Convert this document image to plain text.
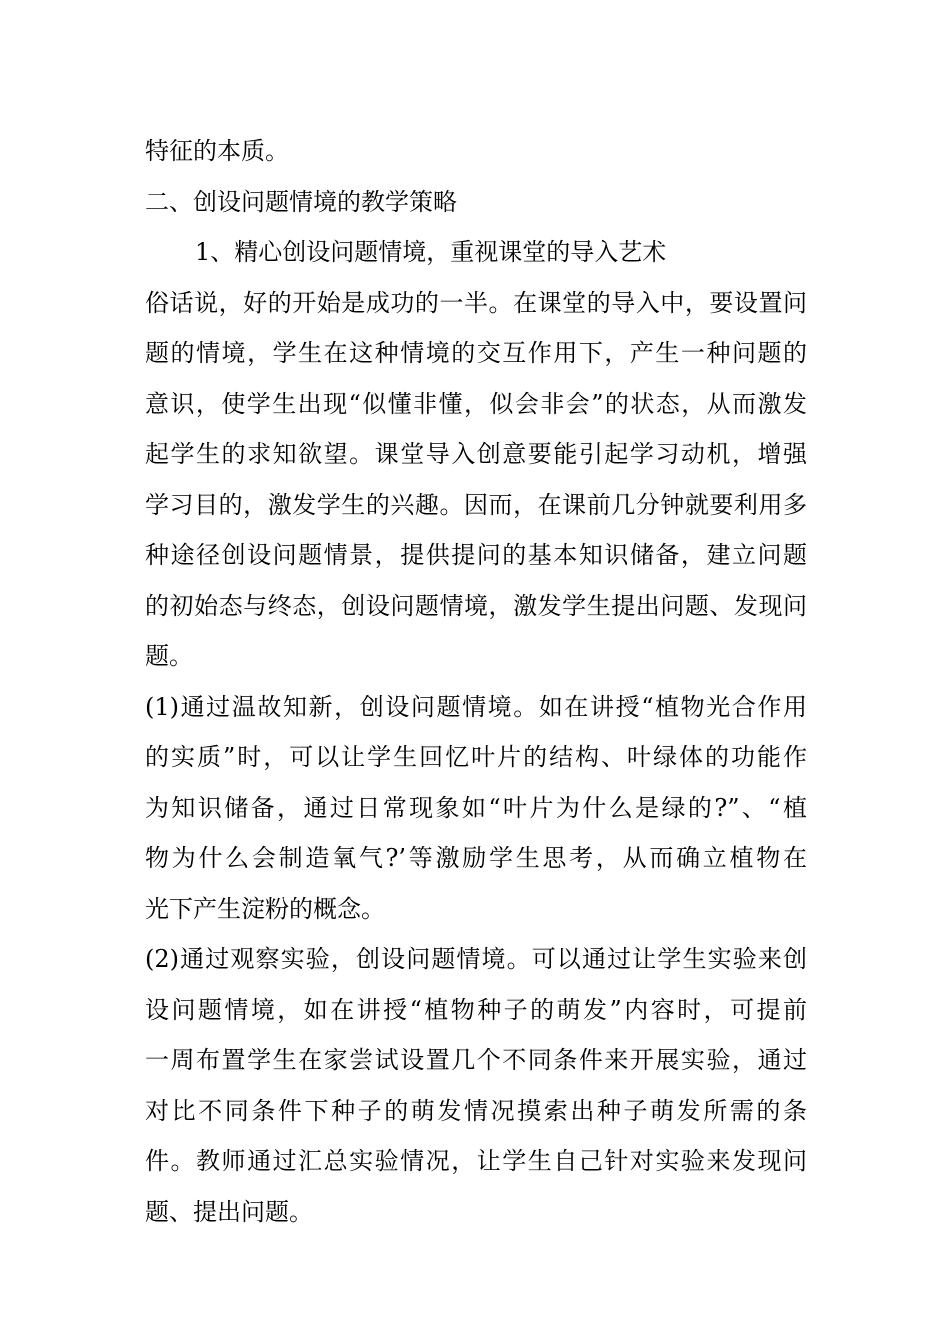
特征的本质。
二、创设问题情境的教学策略
1、精心创设问题情境，重视课堂的导入艺术
俗话说，好的开始是成功的一半。在课堂的导入中，要设置问
题的情境，学生在这种情境的交互作用下，产生一种问题的
意识，使学生出现“似懂非懂，似会非会”的状态，从而激发
起学生的求知欲望。课堂导入创意要能引起学习动机，增强
学习目的，激发学生的兴趣。因而，在课前几分钟就要利用多
种途径创设问题情景，提供提问的基本知识储备，建立问题
的初始态与终态，创设问题情境，激发学生提出问题、发现问
题。
(1)通过温故知新，创设问题情境。如在讲授“植物光合作用
的实质”时，可以让学生回忆叶片的结构、叶绿体的功能作
为知识储备，通过日常现象如“叶片为什么是绿的?”、“植
物为什么会制造氧气?’等激励学生思考，从而确立植物在
光下产生淀粉的概念。
(2)通过观察实验，创设问题情境。可以通过让学生实验来创
设问题情境，如在讲授“植物种子的萌发”内容时，可提前
一周布置学生在家尝试设置几个不同条件来开展实验，通过
对比不同条件下种子的萌发情况摸索出种子萌发所需的条
件。教师通过汇总实验情况，让学生自己针对实验来发现问
题、提出问题。
